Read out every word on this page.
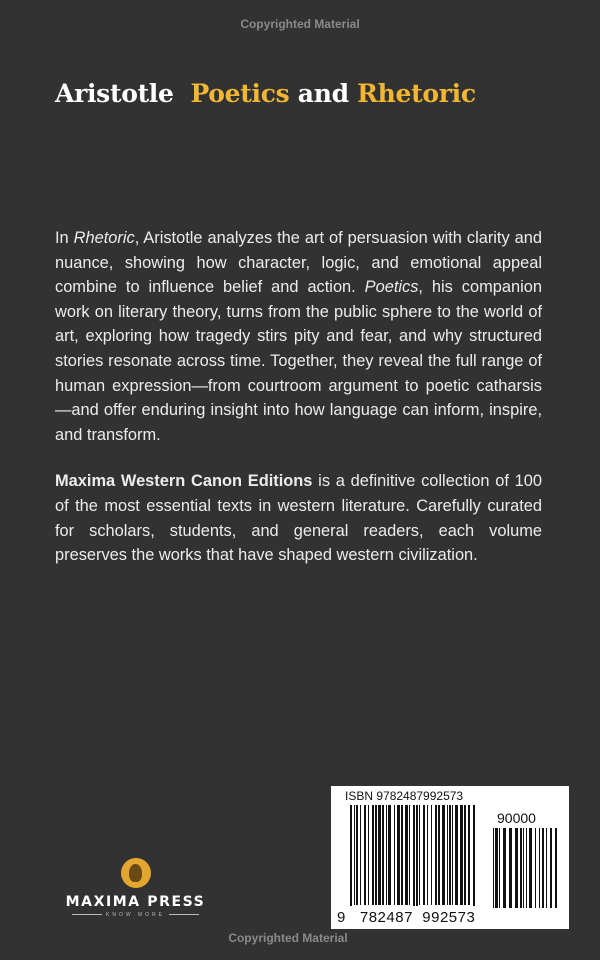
Copyrighted Material
Aristotle Poetics and Rhetoric

In Rhetoric, Aristotle analyzes the art of persuasion with clarity and nuance, showing how character, logic, and emotional appeal combine to influence belief and action. Poetics, his companion work on literary theory, turns from the public sphere to the world of art, exploring how tragedy stirs pity and fear, and why structured stories resonate across time. Together, they reveal the full range of human expression—from courtroom argument to poetic catharsis—and offer enduring insight into how language can inform, inspire, and transform.

Maxima Western Canon Editions is a definitive collection of 100 of the most essential texts in western literature. Carefully curated for scholars, students, and general readers, each volume preserves the works that have shaped western civilization.

MAXIMA PRESS
KNOW MORE
ISBN 9782487992573
90000
9 782487 992573
Copyrighted Material
